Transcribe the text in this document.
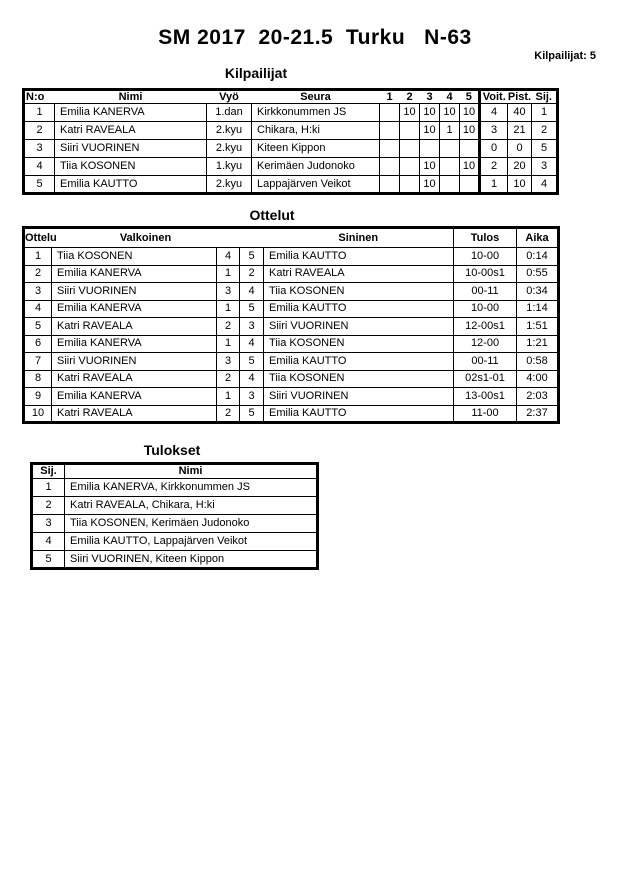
SM 2017  20-21.5  Turku   N-63
Kilpailijat: 5
Kilpailijat
N:o	Nimi	Vyö	Seura	1	2	3	4	5	Voit.	Pist.	Sij.
1	Emilia KANERVA	1.dan	Kirkkonummen JS		10	10	10	10	4	40	1
2	Katri RAVEALA	2.kyu	Chikara, H:ki			10	1	10	3	21	2
3	Siiri VUORINEN	2.kyu	Kiteen Kippon						0	0	5
4	Tiia KOSONEN	1.kyu	Kerimäen Judonoko			10		10	2	20	3
5	Emilia KAUTTO	2.kyu	Lappajärven Veikot			10			1	10	4
Ottelut
Ottelu	Valkoinen			Sininen	Tulos	Aika
1	Tiia KOSONEN	4	5	Emilia KAUTTO	10-00	0:14
2	Emilia KANERVA	1	2	Katri RAVEALA	10-00s1	0:55
3	Siiri VUORINEN	3	4	Tiia KOSONEN	00-11	0:34
4	Emilia KANERVA	1	5	Emilia KAUTTO	10-00	1:14
5	Katri RAVEALA	2	3	Siiri VUORINEN	12-00s1	1:51
6	Emilia KANERVA	1	4	Tiia KOSONEN	12-00	1:21
7	Siiri VUORINEN	3	5	Emilia KAUTTO	00-11	0:58
8	Katri RAVEALA	2	4	Tiia KOSONEN	02s1-01	4:00
9	Emilia KANERVA	1	3	Siiri VUORINEN	13-00s1	2:03
10	Katri RAVEALA	2	5	Emilia KAUTTO	11-00	2:37
Tulokset
Sij.	Nimi
1	Emilia KANERVA, Kirkkonummen JS
2	Katri RAVEALA, Chikara, H:ki
3	Tiia KOSONEN, Kerimäen Judonoko
4	Emilia KAUTTO, Lappajärven Veikot
5	Siiri VUORINEN, Kiteen Kippon
